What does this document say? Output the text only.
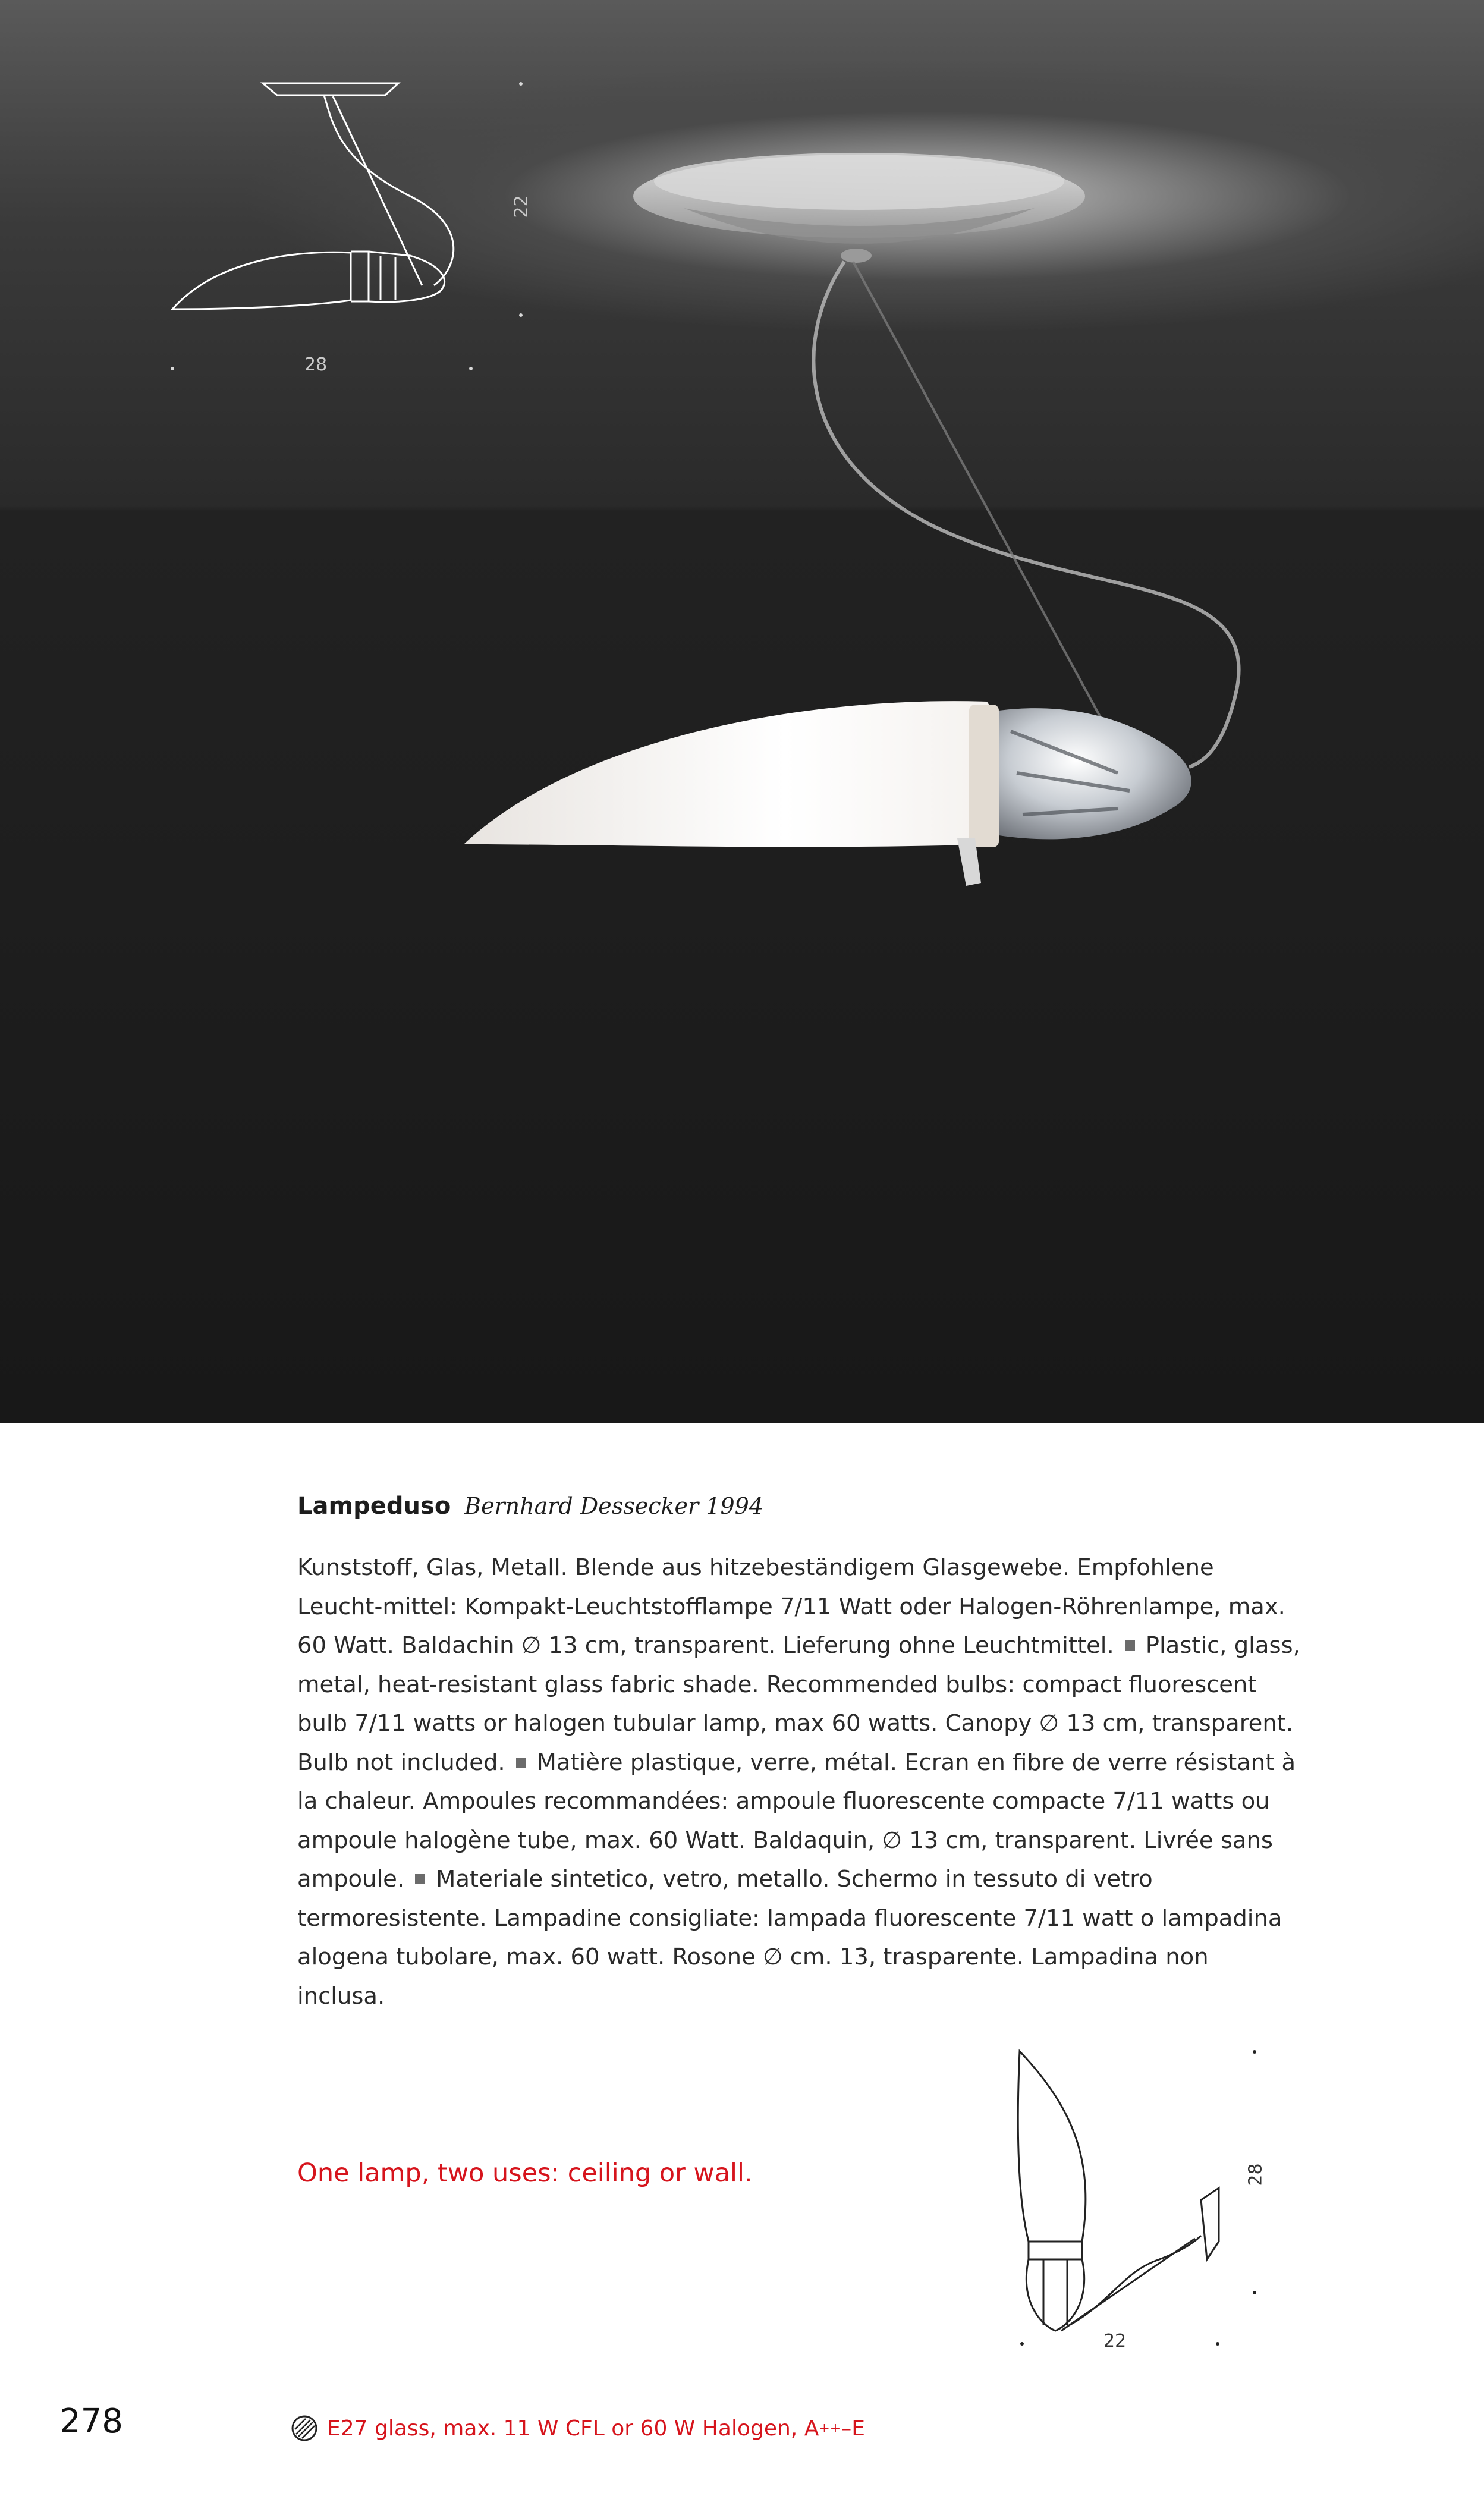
22
28
Lampeduso Bernhard Dessecker 1994
Kunststoff, Glas, Metall. Blende aus hitzebeständigem Glasgewebe. Empfohlene Leucht-mittel: Kompakt-Leuchtstofflampe 7/11 Watt oder Halogen-Röhrenlampe, max. 60 Watt. Baldachin ∅ 13 cm, transparent. Lieferung ohne Leuchtmittel. Plastic, glass, metal, heat-resistant glass fabric shade. Recommended bulbs: compact fluorescent bulb 7/11 watts or halogen tubular lamp, max 60 watts. Canopy ∅ 13 cm, transparent. Bulb not included. Matière plastique, verre, métal. Ecran en fibre de verre résistant à la chaleur. Ampoules recommandées: ampoule fluorescente compacte 7/11 watts ou ampoule halogène tube, max. 60 Watt. Baldaquin, ∅ 13 cm, transparent. Livrée sans ampoule. Materiale sintetico, vetro, metallo. Schermo in tessuto di vetro termoresistente. Lampadine consigliate: lampada fluorescente 7/11 watt o lampadina alogena tubolare, max. 60 watt. Rosone ∅ cm. 13, trasparente. Lampadina non inclusa.
One lamp, two uses: ceiling or wall.	28
22
278	E27 glass, max. 11 W CFL or 60 W Halogen, A ++ –E
